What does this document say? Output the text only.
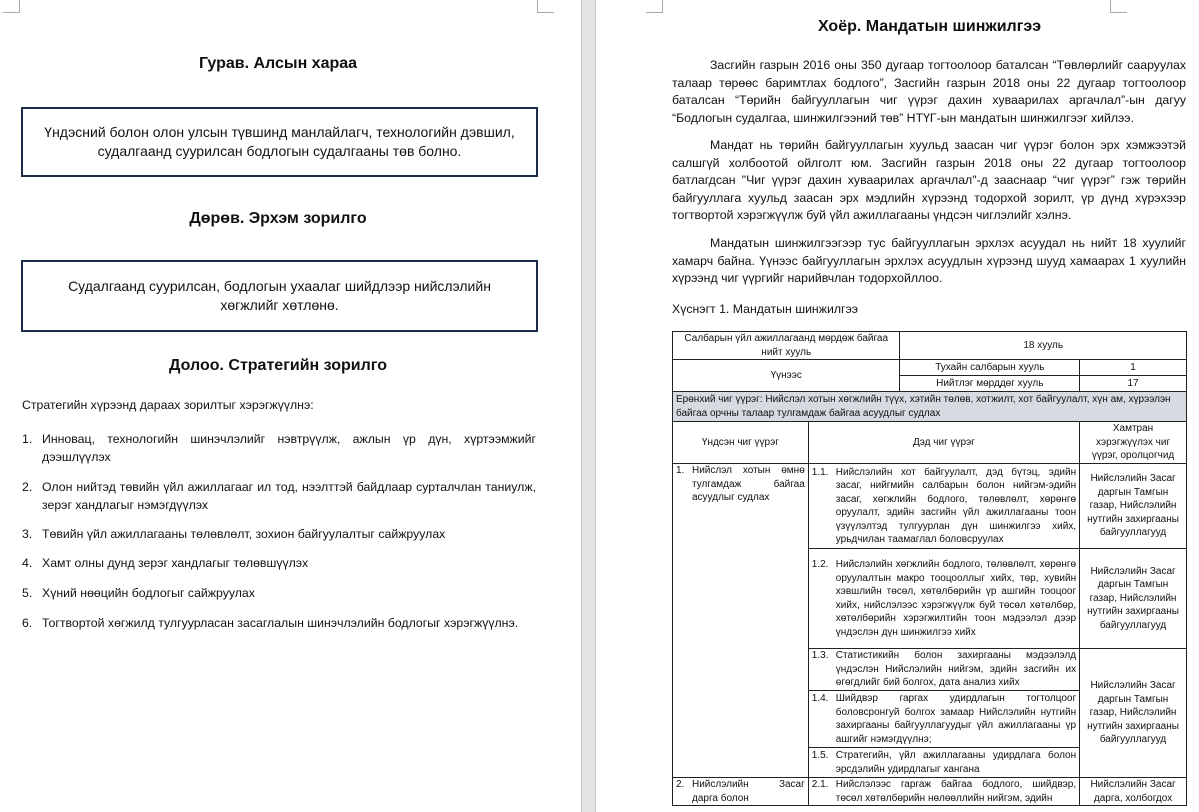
Гурав. Алсын хараа
Үндэсний болон олон улсын түвшинд манлайлагч, технологийн дэвшил, судалгаанд суурилсан бодлогын судалгааны төв болно.
Дөрөв. Эрхэм зорилго
Судалгаанд суурилсан, бодлогын ухаалаг шийдлээр нийслэлийн хөгжлийг хөтлөнө.
Долоо. Стратегийн зорилго
Стратегийн хүрээнд дараах зорилтыг хэрэгжүүлнэ:
1. Инновац, технологийн шинэчлэлийг нэвтрүүлж, ажлын үр дүн, хүртээмжийг дээшлүүлэх
2. Олон нийтэд төвийн үйл ажиллагааг ил тод, нээлттэй байдлаар сурталчлан таниулж, зерэг хандлагыг нэмэгдүүлэх
3. Төвийн үйл ажиллагааны төлөвлөлт, зохион байгуулалтыг сайжруулах
4. Хамт олны дунд зерэг хандлагыг төлөвшүүлэх
5. Хүний нөөцийн бодлогыг сайжруулах
6. Тогтвортой хөгжилд тулгуурласан засаглалын шинэчлэлийн бодлогыг хэрэгжүүлнэ.
Хоёр. Мандатын шинжилгээ
Засгийн газрын 2016 оны 350 дугаар тогтоолоор баталсан “Төвлөрлийг сааруулах талаар төрөөс баримтлах бодлого”, Засгийн газрын 2018 оны 22 дугаар тогтоолоор баталсан “Төрийн байгууллагын чиг үүрэг дахин хуваарилах аргачлал”-ын дагуу “Бодлогын судалгаа, шинжилгээний төв” НТҮГ-ын мандатын шинжилгээг хийлээ.
Мандат нь төрийн байгууллагын хуульд заасан чиг үүрэг болон эрх хэмжээтэй салшгүй холбоотой ойлголт юм. Засгийн газрын 2018 оны 22 дугаар тогтоолоор батлагдсан "Чиг үүрэг дахин хуваарилах аргачлал"-д зааснаар “чиг үүрэг” гэж төрийн байгууллага хуульд заасан эрх мэдлийн хүрээнд тодорхой зорилт, үр дүнд хүрэхээр тогтвортой хэрэгжүүлж буй үйл ажиллагааны үндсэн чиглэлийг хэлнэ.
Мандатын шинжилгээгээр тус байгууллагын эрхлэх асуудал нь нийт 18 хуулийг хамарч байна. Үүнээс байгууллагын эрхлэх асуудлын хүрээнд шууд хамаарах 1 хуулийн хүрээнд чиг үүргийг нарийвчлан тодорхойллоо.
Хүснэгт 1. Мандатын шинжилгээ
Салбарын үйл ажиллагаанд мөрдөж байгаа нийт хууль		18 хууль	
Үүнээс		Тухайн салбарын хууль	1
		Нийтлэг мөрддөг хууль	17
Ерөнхий чиг үүрэг: Нийслэл хотын хөгжлийн түүх, хэтийн төлөв, хотжилт, хот байгуулалт, хүн ам, хүрээлэн байгаа орчны талаар тулгамдаж байгаа асуудлыг судлах			
Үндсэн чиг үүрэг	Дэд чиг үүрэг		Хамтран хэрэгжүүлэх чиг үүрэг, оролцогчид

1. Нийслэл хотын өмнө тулгамдаж байгаа асуудлыг судлах	1.1. Нийслэлийн хот байгуулалт, дэд бүтэц, эдийн засаг, нийгмийн салбарын болон нийгэм-эдийн засаг, хөгжлийн бодлого, төлөвлөлт, хөрөнгө оруулалт, эдийн засгийн үйл ажиллагааны тоон үзүүлэлтэд тулгуурлан дүн шинжилгээ хийх, урьдчилан таамаглал боловсруулах		Нийслэлийн Засаг даргын Тамгын газар, Нийслэлийн нутгийн захиргааны байгууллагууд

	1.2. Нийслэлийн хөгжлийн бодлого, төлөвлөлт, хөрөнгө оруулалтын макро тооцооллыг хийх, төр, хувийн хэвшлийн төсөл, хөтөлбөрийн үр ашгийн тооцоог хийх, нийслэлээс хэрэгжүүлж буй төсөл хөтөлбөр, хөтөлбөрийн хэрэгжилтийн тоон мэдээлэл дээр үндэслэн дүн шинжилгээ хийх		Нийслэлийн Засаг даргын Тамгын газар, Нийслэлийн нутгийн захиргааны байгууллагууд

	1.3. Статистикийн болон захиргааны мэдээлэлд үндэслэн Нийслэлийн нийгэм, эдийн засгийн их өгөгдлийг бий болгох, дата анализ хийх		Нийслэлийн Засаг даргын Тамгын газар, Нийслэлийн нутгийн захиргааны байгууллагууд

	1.4. Шийдвэр гаргах удирдлагын тогтолцоог боловсронгуй болгох замаар Нийслэлийн нутгийн захиргааны байгууллагуудыг үйл ажиллагааны үр ашгийг нэмэгдүүлнэ;		

	1.5. Стратегийн, үйл ажиллагааны удирдлага болон эрсдэлийн удирдлагыг хангана		

2. Нийслэлийн Засаг дарга болон	2.1. Нийслэлээс гаргаж байгаа бодлого, шийдвэр, төсөл хөтөлбөрийн нөлөөллийн нийгэм, эдийн		Нийслэлийн Засаг дарга, холбогдох
